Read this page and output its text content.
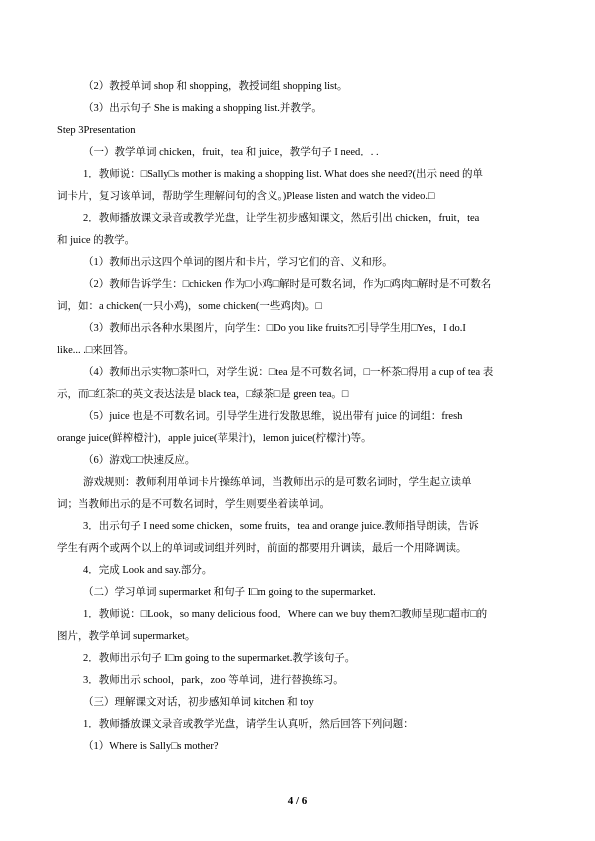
（2）教授单词 shop 和 shopping，教授词组 shopping list。
（3）出示句子 She is making a shopping list.并教学。
Step 3Presentation
（一）教学单词 chicken，fruit，tea 和 juice，教学句子 I need．. .
1．教师说：□Sally□s mother is making a shopping list. What does she need?(出示 need 的单
词卡片，复习该单词，帮助学生理解问句的含义。)Please listen and watch the video.□
2．教师播放课文录音或教学光盘，让学生初步感知课文，然后引出 chicken，fruit，tea
和 juice 的教学。
（1）教师出示这四个单词的图片和卡片，学习它们的音、义和形。
（2）教师告诉学生：□chicken 作为□小鸡□解时是可数名词，作为□鸡肉□解时是不可数名
词，如：a chicken(一只小鸡)，some chicken(一些鸡肉)。□
（3）教师出示各种水果图片，向学生：□Do you like fruits?□引导学生用□Yes，I do.I
like... .□来回答。
（4）教师出示实物□茶叶□，对学生说：□tea 是不可数名词，□一杯茶□得用 a cup of tea 表
示，而□红茶□的英文表达法是 black tea，□绿茶□是 green tea。□
（5）juice 也是不可数名词。引导学生进行发散思维，说出带有 juice 的词组：fresh
orange juice(鲜榨橙汁)，apple juice(苹果汁)，lemon juice(柠檬汁)等。
（6）游戏□□快速反应。
游戏规则：教师利用单词卡片操练单词，当教师出示的是可数名词时，学生起立读单
词；当教师出示的是不可数名词时，学生则要坐着读单词。
3．出示句子 I need some chicken，some fruits，tea and orange juice.教师指导朗读，告诉
学生有两个或两个以上的单词或词组并列时，前面的都要用升调读，最后一个用降调读。
4．完成 Look and say.部分。
（二）学习单词 supermarket 和句子 I□m going to the supermarket.
1．教师说：□Look，so many delicious food．Where can we buy them?□教师呈现□超市□的
图片，教学单词 supermarket。
2．教师出示句子 I□m going to the supermarket.教学该句子。
3．教师出示 school，park，zoo 等单词，进行替换练习。
（三）理解课文对话，初步感知单词 kitchen 和 toy
1．教师播放课文录音或教学光盘，请学生认真听，然后回答下列问题：
（1）Where is Sally□s mother?
4 / 6
